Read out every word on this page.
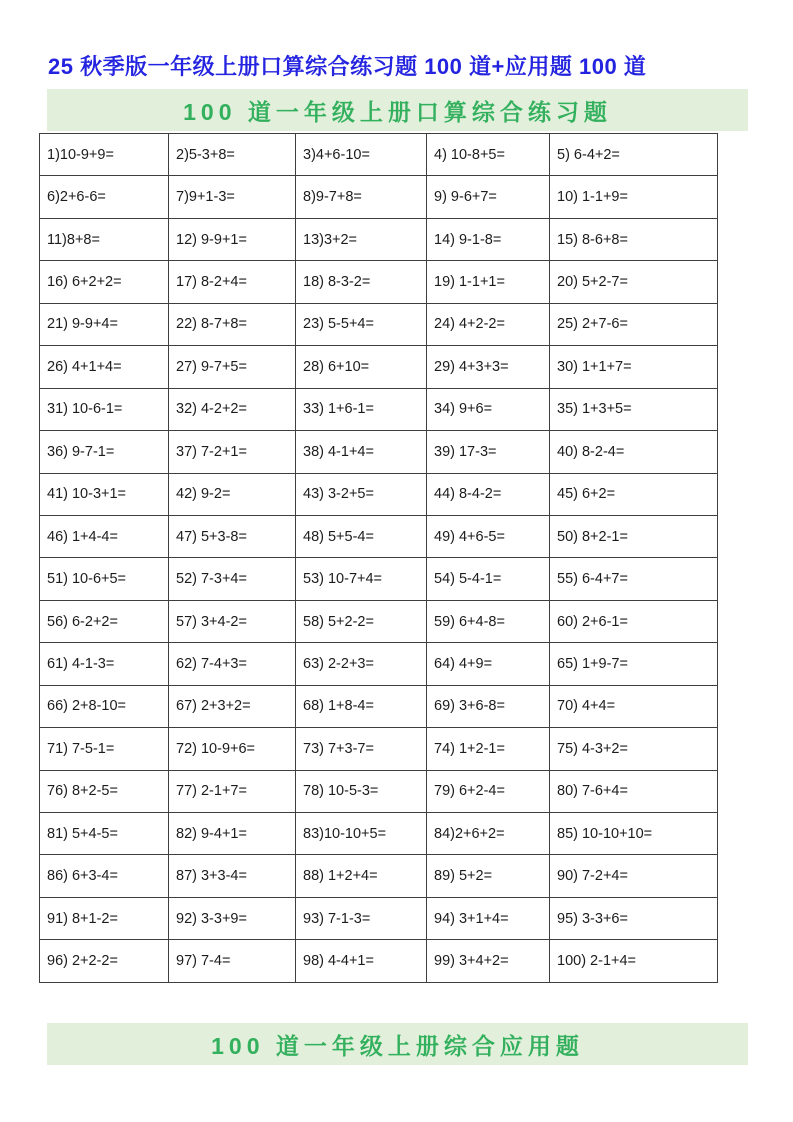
25 秋季版一年级上册口算综合练习题 100 道+应用题 100 道
100 道一年级上册口算综合练习题
1)10-9+9=	2)5-3+8=	3)4+6-10=	4) 10-8+5=	5) 6-4+2=
6)2+6-6=	7)9+1-3=	8)9-7+8=	9) 9-6+7=	10) 1-1+9=
11)8+8=	12) 9-9+1=	13)3+2=	14) 9-1-8=	15) 8-6+8=
16) 6+2+2=	17) 8-2+4=	18) 8-3-2=	19) 1-1+1=	20) 5+2-7=
21) 9-9+4=	22) 8-7+8=	23) 5-5+4=	24) 4+2-2=	25) 2+7-6=
26) 4+1+4=	27) 9-7+5=	28) 6+10=	29) 4+3+3=	30) 1+1+7=
31) 10-6-1=	32) 4-2+2=	33) 1+6-1=	34) 9+6=	35) 1+3+5=
36) 9-7-1=	37) 7-2+1=	38) 4-1+4=	39) 17-3=	40) 8-2-4=
41) 10-3+1=	42) 9-2=	43) 3-2+5=	44) 8-4-2=	45) 6+2=
46) 1+4-4=	47) 5+3-8=	48) 5+5-4=	49) 4+6-5=	50) 8+2-1=
51) 10-6+5=	52) 7-3+4=	53) 10-7+4=	54) 5-4-1=	55) 6-4+7=
56) 6-2+2=	57) 3+4-2=	58) 5+2-2=	59) 6+4-8=	60) 2+6-1=
61) 4-1-3=	62) 7-4+3=	63) 2-2+3=	64) 4+9=	65) 1+9-7=
66) 2+8-10=	67) 2+3+2=	68) 1+8-4=	69) 3+6-8=	70) 4+4=
71) 7-5-1=	72) 10-9+6=	73) 7+3-7=	74) 1+2-1=	75) 4-3+2=
76) 8+2-5=	77) 2-1+7=	78) 10-5-3=	79) 6+2-4=	80) 7-6+4=
81) 5+4-5=	82) 9-4+1=	83)10-10+5=	84)2+6+2=	85) 10-10+10=
86) 6+3-4=	87) 3+3-4=	88) 1+2+4=	89) 5+2=	90) 7-2+4=
91) 8+1-2=	92) 3-3+9=	93) 7-1-3=	94) 3+1+4=	95) 3-3+6=
96) 2+2-2=	97) 7-4=	98) 4-4+1=	99) 3+4+2=	100) 2-1+4=
100 道一年级上册综合应用题
